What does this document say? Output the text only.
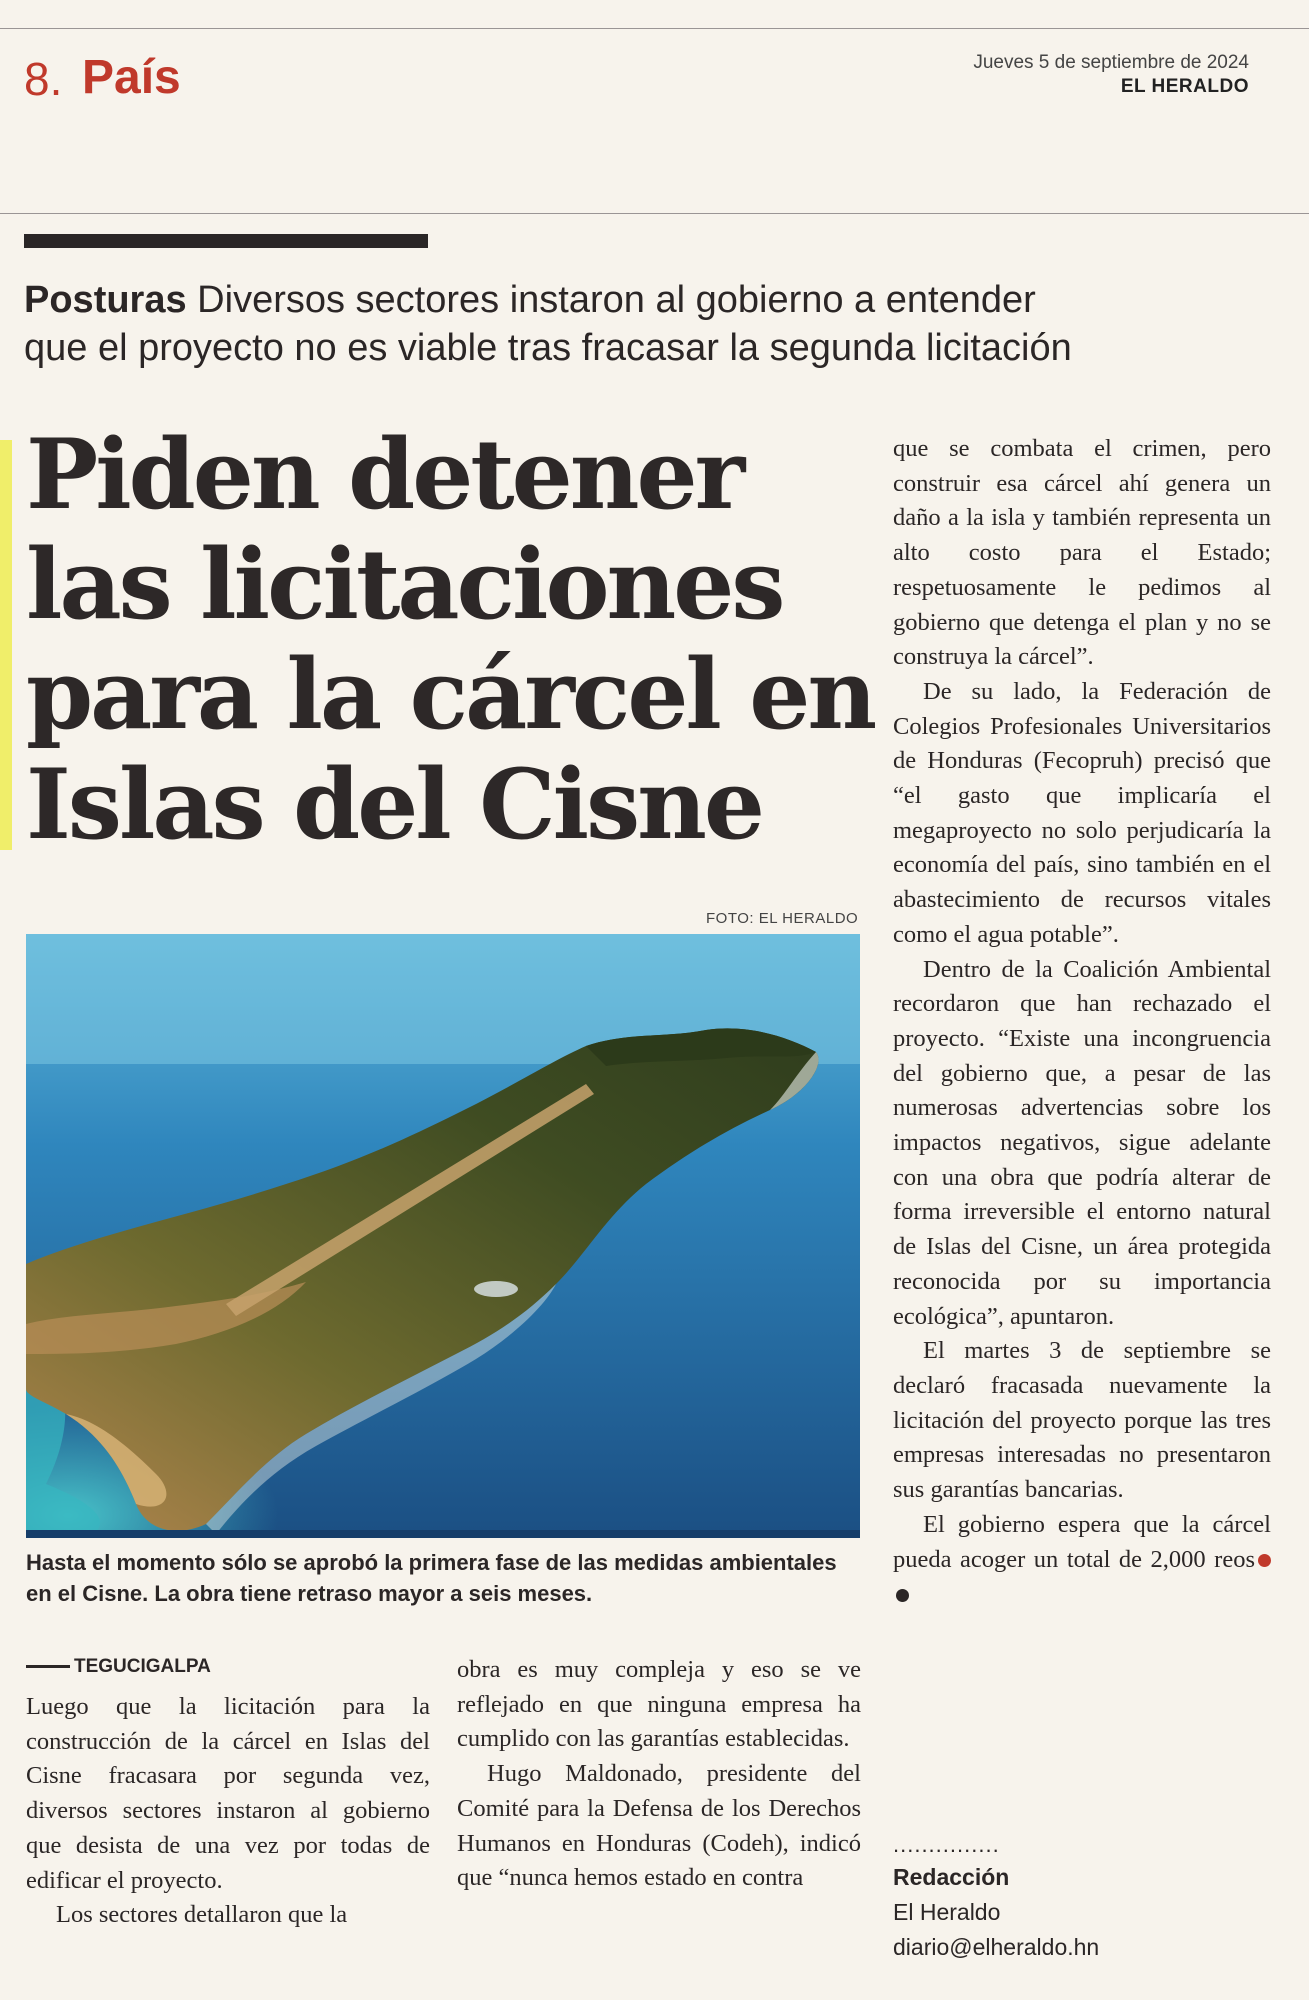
8. País	Jueves 5 de septiembre de 2024
EL HERALDO
Posturas Diversos sectores instaron al gobierno a entender
que el proyecto no es viable tras fracasar la segunda licitación
Piden detener
las licitaciones
para la cárcel en
Islas del Cisne
FOTO: EL HERALDO
Hasta el momento sólo se aprobó la primera fase de las medidas ambientales en el Cisne. La obra tiene retraso mayor a seis meses.
TEGUCIGALPA

Luego que la licitación para la construcción de la cárcel en Islas del Cisne fracasara por segunda vez, diversos sectores instaron al gobierno que desista de una vez por todas de edificar el proyecto.

Los sectores detallaron que la

obra es muy compleja y eso se ve reflejado en que ninguna empresa ha cumplido con las garantías establecidas.

Hugo Maldonado, presidente del Comité para la Defensa de los Derechos Humanos en Honduras (Codeh), indicó que “nunca hemos estado en contra

que se combata el crimen, pero construir esa cárcel ahí genera un daño a la isla y también representa un alto costo para el Estado; respetuosamente le pedimos al gobierno que detenga el plan y no se construya la cárcel”.

De su lado, la Federación de Colegios Profesionales Universitarios de Honduras (Fecopruh) precisó que “el gasto que implicaría el megaproyecto no solo perjudicaría la economía del país, sino también en el abastecimiento de recursos vitales como el agua potable”.

Dentro de la Coalición Ambiental recordaron que han rechazado el proyecto. “Existe una incongruencia del gobierno que, a pesar de las numerosas advertencias sobre los impactos negativos, sigue adelante con una obra que podría alterar de forma irreversible el entorno natural de Islas del Cisne, un área protegida reconocida por su importancia ecológica”, apuntaron.

El martes 3 de septiembre se declaró fracasada nuevamente la licitación del proyecto porque las tres empresas interesadas no presentaron sus garantías bancarias.

El gobierno espera que la cárcel pueda acoger un total de 2,000 reos

...............
Redacción
El Heraldo
diario@elheraldo.hn
